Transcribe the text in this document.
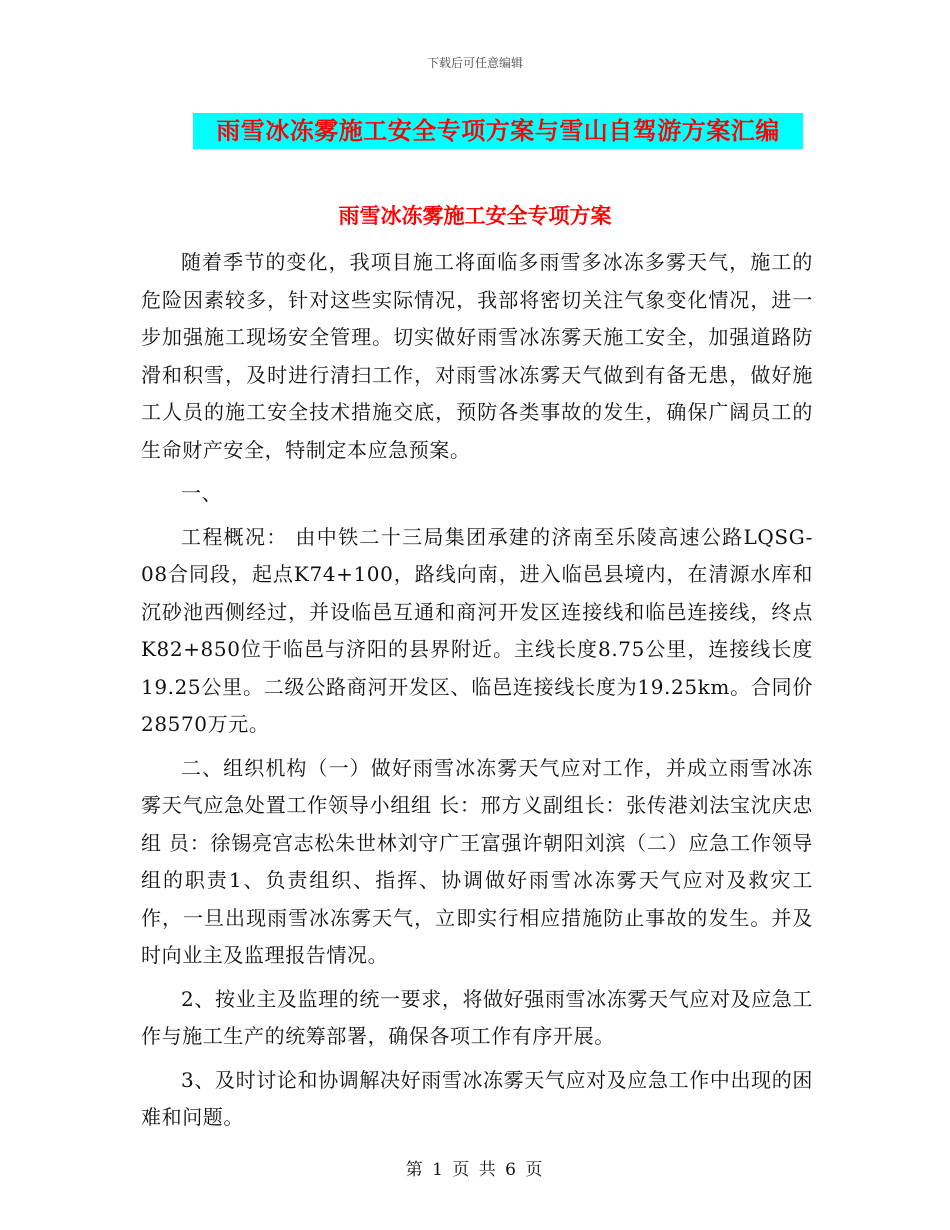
下载后可任意编辑
雨雪冰冻雾施工安全专项方案与雪山自驾游方案汇编
雨雪冰冻雾施工安全专项方案

随着季节的变化，我项目施工将面临多雨雪多冰冻多雾天气，施工的危险因素较多，针对这些实际情况，我部将密切关注气象变化情况，进一步加强施工现场安全管理。切实做好雨雪冰冻雾天施工安全，加强道路防滑和积雪，及时进行清扫工作，对雨雪冰冻雾天气做到有备无患，做好施工人员的施工安全技术措施交底，预防各类事故的发生，确保广阔员工的生命财产安全，特制定本应急预案。

一、

工程概况： 由中铁二十三局集团承建的济南至乐陵高速公路LQSG-08合同段，起点K74+100，路线向南，进入临邑县境内，在清源水库和沉砂池西侧经过，并设临邑互通和商河开发区连接线和临邑连接线，终点K82+850位于临邑与济阳的县界附近。主线长度8.75公里，连接线长度19.25公里。二级公路商河开发区、临邑连接线长度为19.25km。合同价28570万元。

二、组织机构（一）做好雨雪冰冻雾天气应对工作，并成立雨雪冰冻雾天气应急处置工作领导小组组 长：邢方义副组长：张传港刘法宝沈庆忠组 员：徐锡亮宫志松朱世林刘守广王富强许朝阳刘滨（二）应急工作领导组的职责1、负责组织、指挥、协调做好雨雪冰冻雾天气应对及救灾工作，一旦出现雨雪冰冻雾天气，立即实行相应措施防止事故的发生。并及时向业主及监理报告情况。

2、按业主及监理的统一要求，将做好强雨雪冰冻雾天气应对及应急工作与施工生产的统筹部署，确保各项工作有序开展。

3、及时讨论和协调解决好雨雪冰冻雾天气应对及应急工作中出现的困难和问题。

第 1 页 共 6 页
